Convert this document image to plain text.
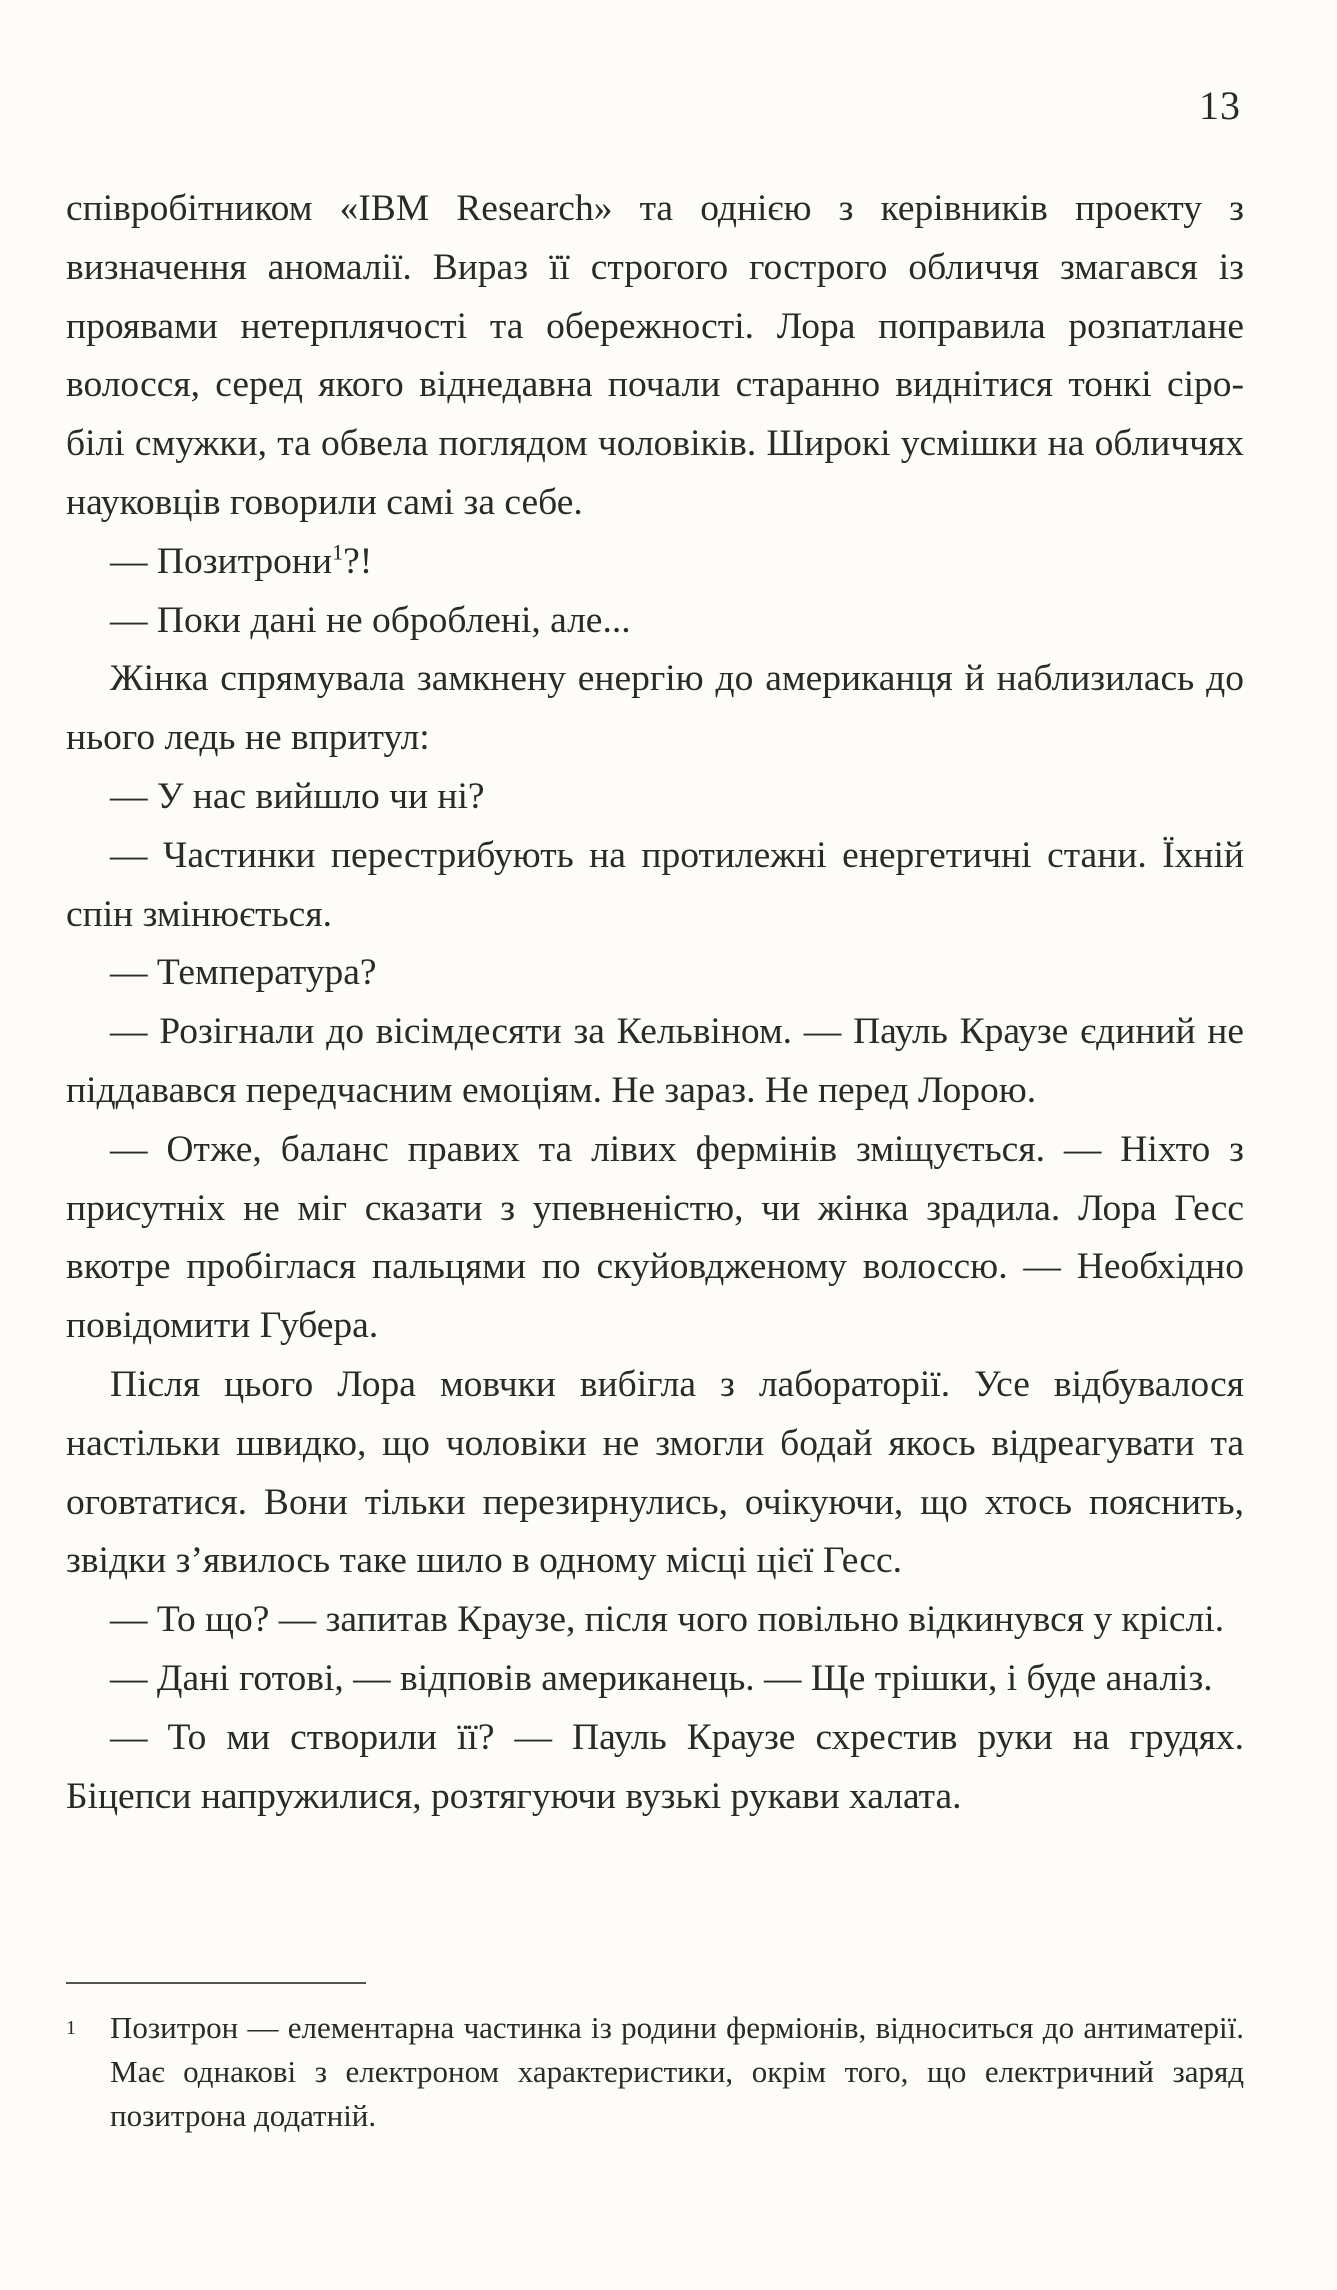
13

співробітником «IBM Research» та однією з керівників проекту з визначення аномалії. Вираз її строгого гострого обличчя змагався із проявами нетерплячості та обережності. Лора поправила розпатлане волосся, серед якого віднедавна почали старанно виднітися тонкі сіро-білі смужки, та обвела поглядом чоловіків. Широкі усмішки на обличчях науковців говорили самі за себе.

— Позитрони$^1$?!

— Поки дані не оброблені, але...

Жінка спрямувала замкнену енергію до американця й наблизилась до нього ледь не впритул:

— У нас вийшло чи ні?

— Частинки перестрибують на протилежні енергетичні стани. Їхній спін змінюється.

— Температура?

— Розігнали до вісімдесяти за Кельвіном. — Пауль Краузе єдиний не піддавався передчасним емоціям. Не зараз. Не перед Лорою.

— Отже, баланс правих та лівих фермінів зміщується. — Ніхто з присутніх не міг сказати з упевненістю, чи жінка зрадила. Лора Гесс вкотре пробіглася пальцями по скуйовдженому волоссю. — Необхідно повідомити Губера.

Після цього Лора мовчки вибігла з лабораторії. Усе відбувалося настільки швидко, що чоловіки не змогли бодай якось відреагувати та оговтатися. Вони тільки перезирнулись, очікуючи, що хтось пояснить, звідки з’явилось таке шило в одному місці цієї Гесс.

— То що? — запитав Краузе, після чого повільно відкинувся у кріслі.

— Дані готові, — відповів американець. — Ще трішки, і буде аналіз.

— То ми створили її? — Пауль Краузе схрестив руки на грудях. Біцепси напружилися, розтягуючи вузькі рукави халата.

1 Позитрон — елементарна частинка із родини ферміонів, відноситься до антиматерії. Має однакові з електроном характеристики, окрім того, що електричний заряд позитрона додатній.
